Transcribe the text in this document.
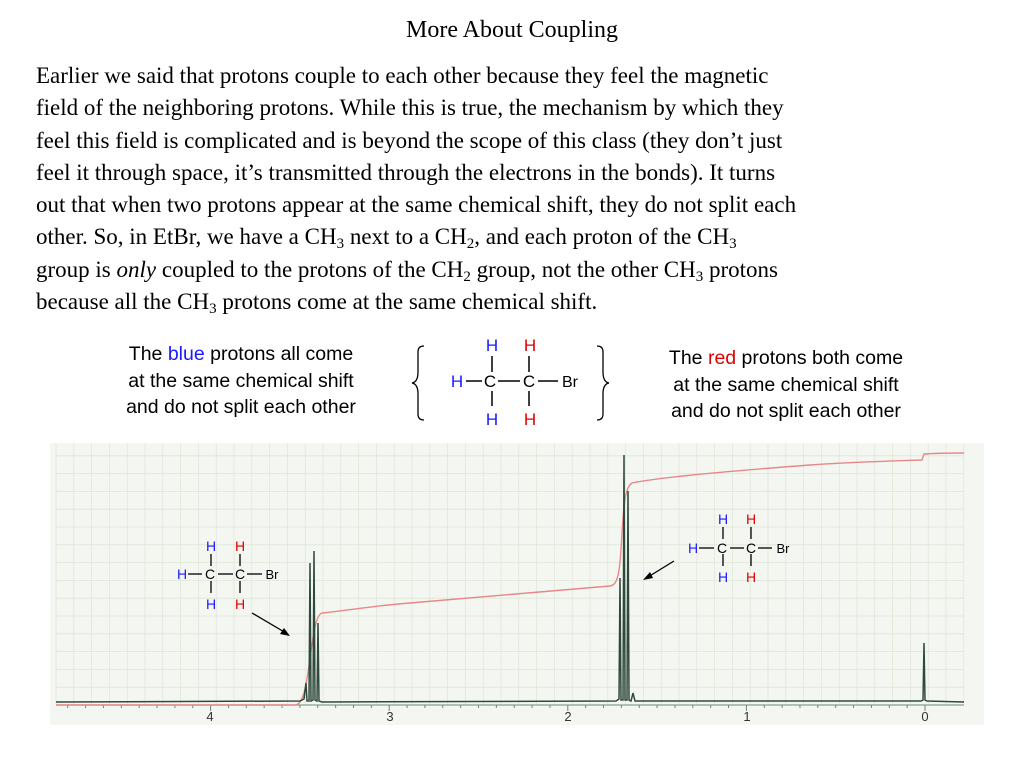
More About Coupling
Earlier we said that protons couple to each other because they feel the magnetic
field of the neighboring protons. While this is true, the mechanism by which they
feel this field is complicated and is beyond the scope of this class (they don’t just
feel it through space, it’s transmitted through the electrons in the bonds). It turns
out that when two protons appear at the same chemical shift, they do not split each
other. So, in EtBr, we have a $CH_3$ next to a $CH_2$, and each proton of the $CH_3$
group is only coupled to the protons of the $CH_2$ group, not the other $CH_3$ protons
because all the $CH_3$ protons come at the same chemical shift.
The blue protons all come
at the same chemical shift
and do not split each other
The red protons both come
at the same chemical shift
and do not split each other
H H
H C C Br
H H
4	3	2	1	0
H H
H C C Br
H H
H H
H C C Br
H H
